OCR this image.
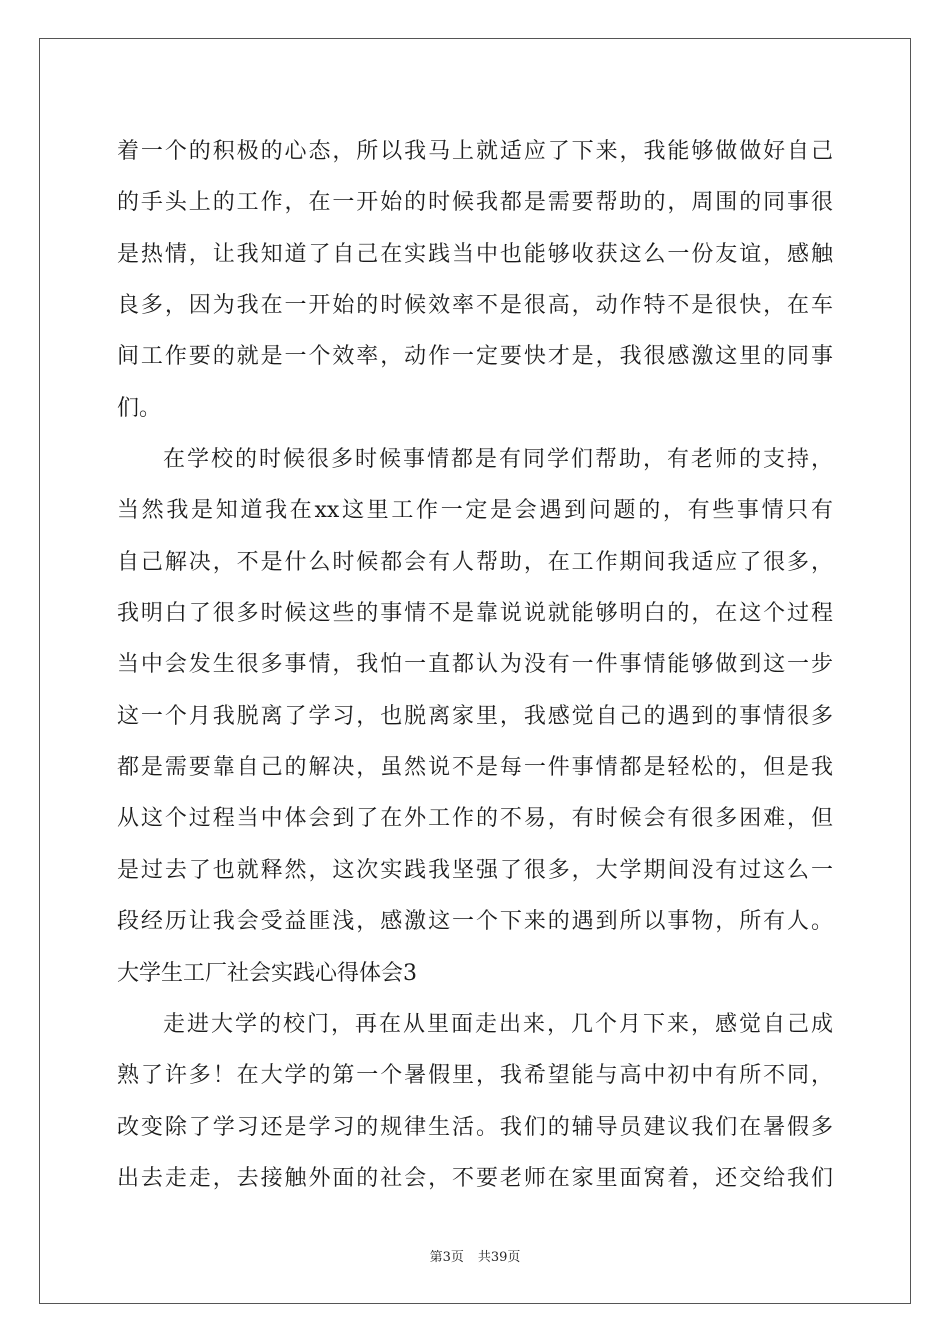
着一个的积极的心态，所以我马上就适应了下来，我能够做做好自己
的手头上的工作，在一开始的时候我都是需要帮助的，周围的同事很
是热情，让我知道了自己在实践当中也能够收获这么一份友谊，感触
良多，因为我在一开始的时候效率不是很高，动作特不是很快，在车
间工作要的就是一个效率，动作一定要快才是，我很感激这里的同事
们。
在学校的时候很多时候事情都是有同学们帮助，有老师的支持，
当然我是知道我在xx这里工作一定是会遇到问题的，有些事情只有
自己解决，不是什么时候都会有人帮助，在工作期间我适应了很多，
我明白了很多时候这些的事情不是靠说说就能够明白的，在这个过程
当中会发生很多事情，我怕一直都认为没有一件事情能够做到这一步
这一个月我脱离了学习，也脱离家里，我感觉自己的遇到的事情很多
都是需要靠自己的解决，虽然说不是每一件事情都是轻松的，但是我
从这个过程当中体会到了在外工作的不易，有时候会有很多困难，但
是过去了也就释然，这次实践我坚强了很多，大学期间没有过这么一
段经历让我会受益匪浅，感激这一个下来的遇到所以事物，所有人。
大学生工厂社会实践心得体会3
走进大学的校门，再在从里面走出来，几个月下来，感觉自己成
熟了许多！在大学的第一个暑假里，我希望能与高中初中有所不同，
改变除了学习还是学习的规律生活。我们的辅导员建议我们在暑假多
出去走走，去接触外面的社会，不要老师在家里面窝着，还交给我们
第3页 共39页
